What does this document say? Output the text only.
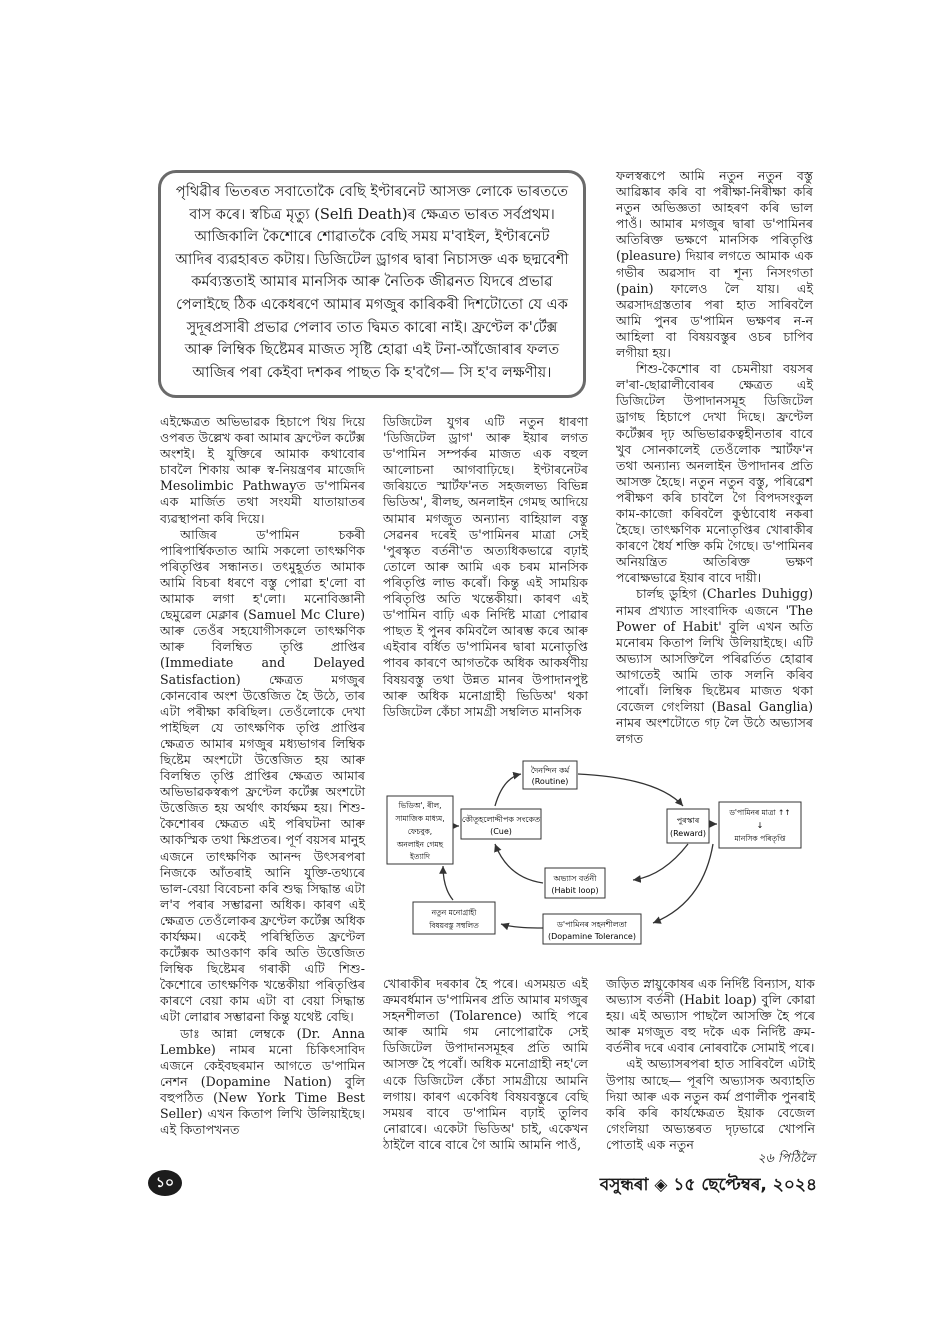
পৃথিৱীৰ ভিতৰত সবাতোকৈ বেছি ইণ্টাৰনেট আসক্ত লোকে ভাৰততে বাস কৰে। স্বচিত্ৰ মৃত্যু (Selfi Death)ৰ ক্ষেত্ৰত ভাৰত সৰ্বপ্ৰথম। আজিকালি কৈশোৰে শোৱাতকৈ বেছি সময় ম'বাইল, ইণ্টাৰনেট আদিৰ ব্যৱহাৰত কটায়। ডিজিটেল ড্ৰাগৰ দ্বাৰা নিচাসক্ত এক ছদ্মবেশী কৰ্মব্যস্ততাই আমাৰ মানসিক আৰু নৈতিক জীৱনত যিদৰে প্ৰভাৱ পেলাইছে ঠিক একেধৰণে আমাৰ মগজুৰ কাৰিকৰী দিশটোতো যে এক সুদূৰপ্ৰসাৰী প্ৰভাৱ পেলাব তাত দ্বিমত কাৰো নাই। ফ্ৰণ্টেল ক'ৰ্টেক্স আৰু লিম্বিক ছিষ্টেমৰ মাজত সৃষ্টি হোৱা এই টনা-আঁজোৰাৰ ফলত আজিৰ পৰা কেইবা দশকৰ পাছত কি হ'বগৈ— সি হ'ব লক্ষণীয়।

ফলস্বৰূপে আমি নতুন নতুন বস্তু আৱিষ্কাৰ কৰি বা পৰীক্ষা-নিৰীক্ষা কৰি নতুন অভিজ্ঞতা আহৰণ কৰি ভাল পাওঁ। আমাৰ মগজুৰ দ্বাৰা ড'পামিনৰ অতিৰিক্ত ভক্ষণে মানসিক পৰিতৃপ্তি (pleasure) দিয়াৰ লগতে আমাক এক গভীৰ অৱসাদ বা শূন্য নিসংগতা (pain) ফালেও লৈ যায়। এই অৱসাদগ্ৰস্ততাৰ পৰা হাত সাৰিবলৈ আমি পুনৰ ড'পামিন ভক্ষণৰ ন-ন আহিলা বা বিষয়বস্তুৰ ওচৰ চাপিব লগীয়া হয়।

শিশু-কৈশোৰ বা চেমনীয়া বয়সৰ ল'ৰা-ছোৱালীবোৰৰ ক্ষেত্ৰত এই ডিজিটেল উপাদানসমূহ ডিজিটেল ড্ৰাগছ হিচাপে দেখা দিছে। ফ্ৰণ্টেল কৰ্টেক্সৰ দৃঢ় অভিভাৱকত্বহীনতাৰ বাবে খুব সোনকালেই তেওঁলোক স্মাৰ্টফ'ন তথা অন্যান্য অনলাইন উপাদানৰ প্ৰতি আসক্ত হৈছে। নতুন নতুন বস্তু, পৰিৱেশ পৰীক্ষণ কৰি চাবলৈ গৈ বিপদসংকুল কাম-কাজো কৰিবলৈ কুণ্ঠাবোধ নকৰা হৈছে। তাৎক্ষণিক মনোতৃপ্তিৰ খোৰাকীৰ কাৰণে ধৈৰ্য শক্তি কমি গৈছে। ড'পামিনৰ অনিয়ন্ত্ৰিত অতিৰিক্ত ভক্ষণ পৰোক্ষভাৱে ইয়াৰ বাবে দায়ী।

চাৰ্লছ ডুহিগ (Charles Duhigg) নামৰ প্ৰখ্যাত সাংবাদিক এজনে 'The Power of Habit' বুলি এখন অতি মনোৰম কিতাপ লিখি উলিয়াইছে। এটি অভ্যাস আসক্তিলৈ পৰিৱৰ্তিত হোৱাৰ আগতেই আমি তাক সলনি কৰিব পাৰোঁ। লিম্বিক ছিষ্টেমৰ মাজত থকা বেজেল গেংলিয়া (Basal Ganglia) নামৰ অংশটোতে গঢ় লৈ উঠে অভ্যাসৰ লগত

এইক্ষেত্ৰত অভিভাৱক হিচাপে থিয় দিয়ে ওপৰত উল্লেখ কৰা আমাৰ ফ্ৰণ্টেল কৰ্টেক্স অংশই। ই যুক্তিৰে আমাক কথাবোৰ চাবলৈ শিকায় আৰু স্ব-নিয়ন্ত্ৰণৰ মাজেদি Mesolimbic Pathwayত ড'পামিনৰ এক মাৰ্জিত তথা সংযমী যাতায়াতৰ ব্যৱস্থাপনা কৰি দিয়ে।

আজিৰ ড'পামিন চকৰী পাৰিপাৰ্শ্বিকতাত আমি সকলো তাৎক্ষণিক পৰিতৃপ্তিৰ সন্ধানত। তৎমুহূৰ্তত আমাক আমি বিচৰা ধৰণে বস্তু পোৱা হ'লো বা আমাক লগা হ'লো। মনোবিজ্ঞানী ছেমুৱেল মেক্লাৰ (Samuel Mc Clure) আৰু তেওঁৰ সহযোগীসকলে তাৎক্ষণিক আৰু বিলম্বিত তৃপ্তি প্ৰাপ্তিৰ (Immediate and Delayed Satisfaction) ক্ষেত্ৰত মগজুৰ কোনবোৰ অংশ উত্তেজিত হৈ উঠে, তাৰ এটা পৰীক্ষা কৰিছিল। তেওঁলোকে দেখা পাইছিল যে তাৎক্ষণিক তৃপ্তি প্ৰাপ্তিৰ ক্ষেত্ৰত আমাৰ মগজুৰ মধ্যভাগৰ লিম্বিক ছিষ্টেম অংশটো উত্তেজিত হয় আৰু বিলম্বিত তৃপ্তি প্ৰাপ্তিৰ ক্ষেত্ৰত আমাৰ অভিভাৱকস্বৰূপ ফ্ৰণ্টেল কৰ্টেক্স অংশটো উত্তেজিত হয় অৰ্থাৎ কাৰ্যক্ষম হয়। শিশু-কৈশোৰৰ ক্ষেত্ৰত এই পৰিঘটনা আৰু আকস্মিক তথা ক্ষিপ্ৰতৰ। পূৰ্ণ বয়সৰ মানুহ এজনে তাৎক্ষণিক আনন্দ উৎসৰপৰা নিজকে আঁতৰাই আনি যুক্তি-তথ্যৰে ভাল-বেয়া বিবেচনা কৰি শুদ্ধ সিদ্ধান্ত এটা ল'ব পৰাৰ সম্ভাৱনা অধিক। কাৰণ এই ক্ষেত্ৰত তেওঁলোকৰ ফ্ৰণ্টেল কৰ্টেক্স অধিক কাৰ্যক্ষম। একেই পৰিস্থিতিত ফ্ৰণ্টেল কৰ্টেক্সক আওকাণ কৰি অতি উত্তেজিত লিম্বিক ছিষ্টেমৰ গৰাকী এটি শিশু-কৈশোৰে তাৎক্ষণিক খন্তেকীয়া পৰিতৃপ্তিৰ কাৰণে বেয়া কাম এটা বা বেয়া সিদ্ধান্ত এটা লোৱাৰ সম্ভাৱনা কিন্তু যথেষ্ট বেছি।

ডাঃ আন্না লেম্বকে (Dr. Anna Lembke) নামৰ মনো চিকিৎসাবিদ এজনে কেইবছৰমান আগতে ড'পামিন নেশন (Dopamine Nation) বুলি বহুপঠিত (New York Time Best Seller) এখন কিতাপ লিখি উলিয়াইছে। এই কিতাপখনত

ডিজিটেল যুগৰ এটি নতুন ধাৰণা 'ডিজিটেল ড্ৰাগ' আৰু ইয়াৰ লগত ড'পামিন সম্পৰ্কৰ মাজত এক বহুল আলোচনা আগবাঢ়িছে। ইণ্টাৰনেটৰ জৰিয়তে স্মাৰ্টফ'নত সহজলভ্য বিভিন্ন ভিডিঅ', ৰীলছ, অনলাইন গেমছ আদিয়ে আমাৰ মগজুত অন্যান্য বাহিয়াল বস্তু সেৱনৰ দৰেই ড'পামিনৰ মাত্ৰা সেই 'পুৰস্কৃত বৰ্তনী'ত অত্যধিকভাৱে বঢ়াই তোলে আৰু আমি এক চৰম মানসিক পৰিতৃপ্তি লাভ কৰোঁ। কিন্তু এই সাময়িক পৰিতৃপ্তি অতি খন্তেকীয়া। কাৰণ এই ড'পামিন বাঢ়ি এক নিৰ্দিষ্ট মাত্ৰা পোৱাৰ পাছত ই পুনৰ কমিবলৈ আৰম্ভ কৰে আৰু এইবাৰ বৰ্ধিত ড'পামিনৰ দ্বাৰা মনোতৃপ্তি পাবৰ কাৰণে আগতকৈ অধিক আকৰ্ষণীয় বিষয়বস্তু তথা উন্নত মানৰ উপাদানপুষ্ট আৰু অধিক মনোগ্ৰাহী ভিডিঅ' থকা ডিজিটেল কেঁচা সামগ্ৰী সম্বলিত মানসিক

দৈনন্দিন কৰ্ম
(Routine)
কৌতূহলোদ্দীপক সংকেত
(Cue)
পুৰস্কাৰ
(Reward)
অভ্যাস বৰ্তনী
(Habit loop)
ড'পামিনৰ সহনশীলতা
(Dopamine Tolerance)
ভিডিঅ', ৰীল,
সামাজিক মাধ্যম,
ফেচবুক,
অনলাইন গেমছ
ইত্যাদি
নতুন মনোগ্ৰাহী
বিষয়বস্তু সম্বলিত
ড'পামিনৰ মাত্ৰা ↑↑
↓
মানসিক পৰিতৃপ্তি

খোৰাকীৰ দৰকাৰ হৈ পৰে। এসময়ত এই ক্ৰমবৰ্ধমান ড'পামিনৰ প্ৰতি আমাৰ মগজুৰ সহনশীলতা (Tolarence) আহি পৰে আৰু আমি গম নোপোৱাকৈ সেই ডিজিটেল উপাদানসমূহৰ প্ৰতি আমি আসক্ত হৈ পৰোঁ। অধিক মনোগ্ৰাহী নহ'লে একে ডিজিটেল কেঁচা সামগ্ৰীয়ে আমনি লগায়। কাৰণ একেবিধ বিষয়বস্তুৰে বেছি সময়ৰ বাবে ড'পামিন বঢ়াই তুলিব নোৱাৰে। একেটা ভিডিঅ' চাই, একেখন ঠাইলৈ বাৰে বাৰে গৈ আমি আমনি পাওঁ,

জড়িত স্নায়ুকোষৰ এক নিৰ্দিষ্ট বিন্যাস, যাক অভ্যাস বৰ্তনী (Habit loap) বুলি কোৱা হয়। এই অভ্যাস পাছলৈ আসক্তি হৈ পৰে আৰু মগজুত বহু দকৈ এক নিৰ্দিষ্ট ক্ৰম-বৰ্তনীৰ দৰে এবাৰ নোৰবাকৈ সোমাই পৰে।

এই অভ্যাসৰপৰা হাত সাৰিবলৈ এটাই উপায় আছে— পূৰণি অভ্যাসক অব্যাহতি দিয়া আৰু এক নতুন কৰ্ম প্ৰণালীক পুনৰাই কৰি কৰি কাৰ্যক্ষেত্ৰত ইয়াক বেজেল গেংলিয়া অভ্যন্তৰত দৃঢ়ভাৱে খোপনি পোতাই এক নতুন

২৬ পিঠিলৈ
১০	বসুন্ধৰা ◈ ১৫ ছেপ্টেম্বৰ, ২০২৪
